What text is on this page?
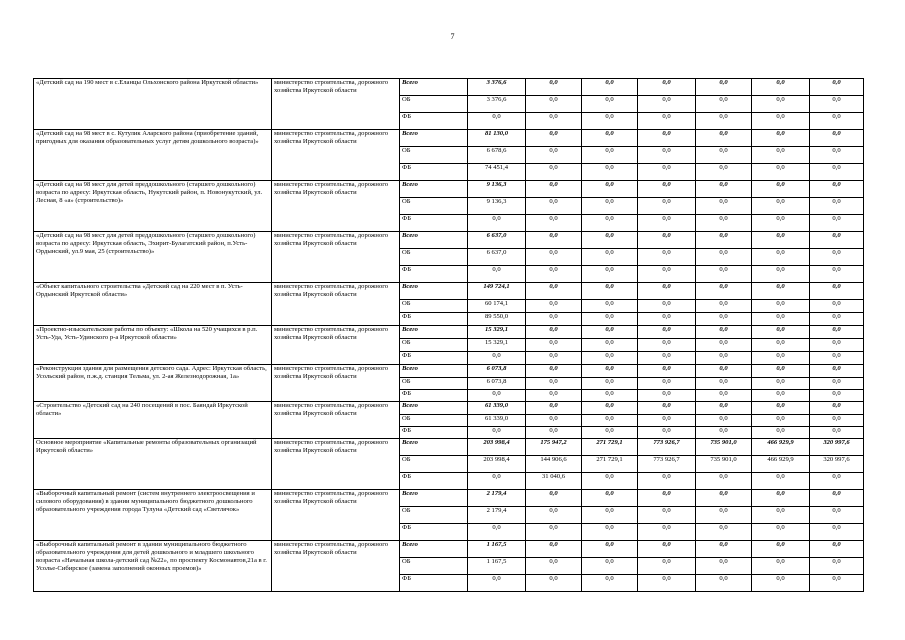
7
«Детский сад на 190 мест в с.Еланцы Ольхонского района Иркутской области»	министерство строительства, дорожного хозяйства Иркутской области	Всего	3 376,6	0,0	0,0	0,0	0,0	0,0	0,0
		ОБ	3 376,6	0,0	0,0	0,0	0,0	0,0	0,0
		ФБ	0,0	0,0	0,0	0,0	0,0	0,0	0,0
«Детский сад на 98 мест в с. Кутулик Аларского района (приобретение зданий, пригодных для оказания образовательных услуг детям дошкольного возраста)»	министерство строительства, дорожного хозяйства Иркутской области	Всего	81 130,0	0,0	0,0	0,0	0,0	0,0	0,0
		ОБ	6 678,6	0,0	0,0	0,0	0,0	0,0	0,0
		ФБ	74 451,4	0,0	0,0	0,0	0,0	0,0	0,0
«Детский сад на 98 мест для детей преддошкольного (старшего дошкольного) возраста по адресу: Иркутская область, Нукутский район, п. Новонукутский, ул. Лесная, 8 «а» (строительство)»	министерство строительства, дорожного хозяйства Иркутской области	Всего	9 136,3	0,0	0,0	0,0	0,0	0,0	0,0
		ОБ	9 136,3	0,0	0,0	0,0	0,0	0,0	0,0
		ФБ	0,0	0,0	0,0	0,0	0,0	0,0	0,0
«Детский сад на 98 мест для детей преддошкольного (старшего дошкольного) возраста по адресу: Иркутская область, Эхирит-Булагатский район, п.Усть-Ордынский, ул.9 мая, 25 (строительство)»	министерство строительства, дорожного хозяйства Иркутской области	Всего	6 637,0	0,0	0,0	0,0	0,0	0,0	0,0
		ОБ	6 637,0	0,0	0,0	0,0	0,0	0,0	0,0
		ФБ	0,0	0,0	0,0	0,0	0,0	0,0	0,0
«Объект капитального строительства «Детский сад на 220 мест в п. Усть-Ордынский Иркутской области»	министерство строительства, дорожного хозяйства Иркутской области	Всего	149 724,1	0,0	0,0	0,0	0,0	0,0	0,0
		ОБ	60 174,1	0,0	0,0	0,0	0,0	0,0	0,0
		ФБ	89 550,0	0,0	0,0	0,0	0,0	0,0	0,0
«Проектно-изыскательские работы по объекту: «Школа на 520 учащихся в р.п. Усть-Уда, Усть-Удинского р-а Иркутской области»	министерство строительства, дорожного хозяйства Иркутской области	Всего	15 329,1	0,0	0,0	0,0	0,0	0,0	0,0
		ОБ	15 329,1	0,0	0,0	0,0	0,0	0,0	0,0
		ФБ	0,0	0,0	0,0	0,0	0,0	0,0	0,0
«Реконструкция здания для размещения детского сада. Адрес: Иркутская область, Усольский район, п.ж.д. станция Тельма, ул. 2-ая Железнодорожная, 1а»	министерство строительства, дорожного хозяйства Иркутской области	Всего	6 073,8	0,0	0,0	0,0	0,0	0,0	0,0
		ОБ	6 073,8	0,0	0,0	0,0	0,0	0,0	0,0
		ФБ	0,0	0,0	0,0	0,0	0,0	0,0	0,0
«Строительство «Детский сад на 240 посещений в пос. Баяндай Иркутской области»	министерство строительства, дорожного хозяйства Иркутской области	Всего	61 339,0	0,0	0,0	0,0	0,0	0,0	0,0
		ОБ	61 339,0	0,0	0,0	0,0	0,0	0,0	0,0
		ФБ	0,0	0,0	0,0	0,0	0,0	0,0	0,0
Основное мероприятие «Капитальные ремонты образовательных организаций Иркутской области»	министерство строительства, дорожного хозяйства Иркутской области	Всего	203 998,4	175 947,2	271 729,1	773 926,7	735 901,0	466 929,9	320 997,6
		ОБ	203 998,4	144 906,6	271 729,1	773 926,7	735 901,0	466 929,9	320 997,6
		ФБ	0,0	31 040,6	0,0	0,0	0,0	0,0	0,0
«Выборочный капитальный ремонт (систем внутреннего электроосвещения и силового оборудования) в здании муниципального бюджетного дошкольного образовательного учреждения города Тулуна «Детский сад «Светлячок»	министерство строительства, дорожного хозяйства Иркутской области	Всего	2 179,4	0,0	0,0	0,0	0,0	0,0	0,0
		ОБ	2 179,4	0,0	0,0	0,0	0,0	0,0	0,0
		ФБ	0,0	0,0	0,0	0,0	0,0	0,0	0,0
«Выборочный капитальный ремонт в здании муниципального бюджетного образовательного учреждения для детей дошкольного и младшего школьного возраста «Начальная школа-детский сад №22», по проспекту Космонавтов,21а в г. Усолье-Сибирское (замена заполнений оконных проемов)»	министерство строительства, дорожного хозяйства Иркутской области	Всего	1 167,5	0,0	0,0	0,0	0,0	0,0	0,0
		ОБ	1 167,5	0,0	0,0	0,0	0,0	0,0	0,0
		ФБ	0,0	0,0	0,0	0,0	0,0	0,0	0,0
